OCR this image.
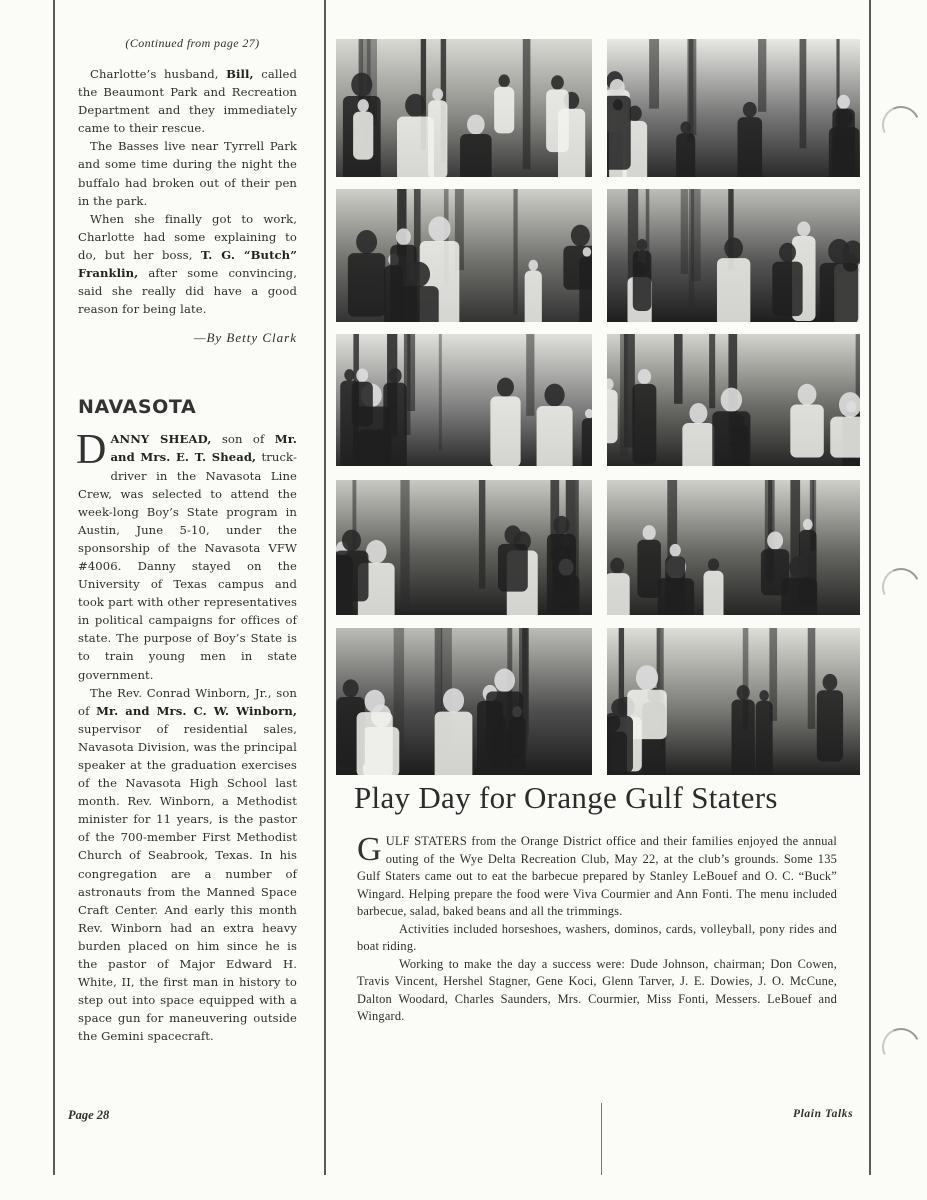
(Continued from page 27)

Charlotte’s husband, Bill, called the Beaumont Park and Recreation Department and they immediately came to their rescue.

The Basses live near Tyrrell Park and some time during the night the buffalo had broken out of their pen in the park.

When she finally got to work, Charlotte had some explaining to do, but her boss, T. G. “Butch” Franklin, after some convincing, said she really did have a good reason for being late.

—By Betty Clark
NAVASOTA

DANNY SHEAD, son of Mr. and Mrs. E. T. Shead, truck-driver in the Navasota Line Crew, was selected to attend the week-long Boy’s State program in Austin, June 5-10, under the sponsorship of the Navasota VFW #4006. Danny stayed on the University of Texas campus and took part with other representatives in political campaigns for offices of state. The purpose of Boy’s State is to train young men in state government.

The Rev. Conrad Winborn, Jr., son of Mr. and Mrs. C. W. Winborn, supervisor of residential sales, Navasota Division, was the principal speaker at the graduation exercises of the Navasota High School last month. Rev. Winborn, a Methodist minister for 11 years, is the pastor of the 700-member First Methodist Church of Seabrook, Texas. In his congregation are a number of astronauts from the Manned Space Craft Center. And early this month Rev. Winborn had an extra heavy burden placed on him since he is the pastor of Major Edward H. White, II, the first man in history to step out into space equipped with a space gun for maneuvering outside the Gemini spacecraft.

Play Day for Orange Gulf Staters

GULF STATERS from the Orange District office and their families enjoyed the annual outing of the Wye Delta Recreation Club, May 22, at the club’s grounds. Some 135 Gulf Staters came out to eat the barbecue prepared by Stanley LeBouef and O. C. “Buck” Wingard. Helping prepare the food were Viva Courmier and Ann Fonti. The menu included barbecue, salad, baked beans and all the trimmings.

Activities included horseshoes, washers, dominos, cards, volleyball, pony rides and boat riding.

Working to make the day a success were: Dude Johnson, chairman; Don Cowen, Travis Vincent, Hershel Stagner, Gene Koci, Glenn Tarver, J. E. Dowies, J. O. McCune, Dalton Woodard, Charles Saunders, Mrs. Courmier, Miss Fonti, Messers. LeBouef and Wingard.

Page 28	Plain Talks
